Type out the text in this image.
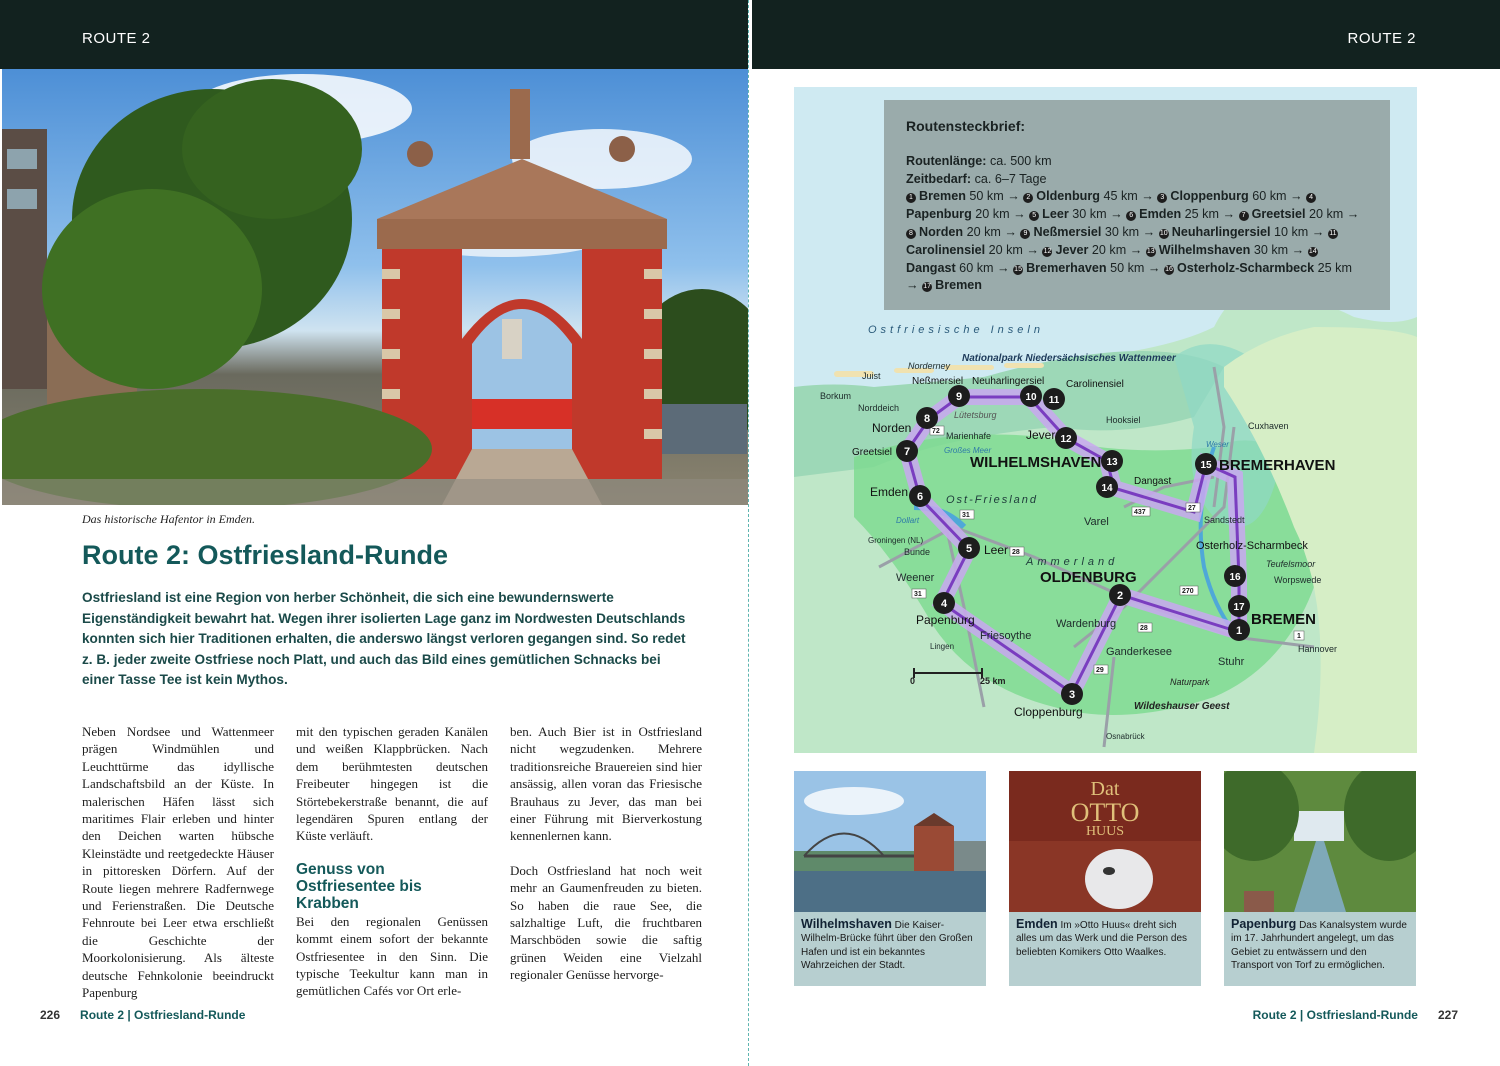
ROUTE 2	ROUTE 2
Das historische Hafentor in Emden.
Route 2: Ostfriesland-Runde

Ostfriesland ist eine Region von herber Schönheit, die sich eine bewundernswerte Eigenständigkeit bewahrt hat. Wegen ihrer isolierten Lage ganz im Nordwesten Deutschlands konnten sich hier Traditionen erhalten, die anderswo längst verloren gegangen sind. So redet z. B. jeder zweite Ostfriese noch Platt, und auch das Bild eines gemütlichen Schnacks bei einer Tasse Tee ist kein Mythos.

Neben Nordsee und Wattenmeer prägen Windmühlen und Leuchttürme das idyllische Landschaftsbild an der Küste. In malerischen Häfen lässt sich maritimes Flair erleben und hinter den Deichen warten hübsche Kleinstädte und reetgedeckte Häuser in pittoresken Dörfern. Auf der Route liegen mehrere Radfernwege und Ferienstraßen. Die Deutsche Fehnroute bei Leer etwa erschließt die Geschichte der Moorkolonisierung. Als älteste deutsche Fehnkolonie beeindruckt Papenburg

mit den typischen geraden Kanälen und weißen Klappbrücken. Nach dem berühmtesten deutschen Freibeuter hingegen ist die Störtebekerstraße benannt, die auf legendären Spuren entlang der Küste verläuft.

Genuss von Ostfriesentee bis Krabben

Bei den regionalen Genüssen kommt einem sofort der bekannte Ostfriesentee in den Sinn. Die typische Teekultur kann man in gemütlichen Cafés vor Ort erle-

ben. Auch Bier ist in Ostfriesland nicht wegzudenken. Mehrere traditionsreiche Brauereien sind hier ansässig, allen voran das Friesische Brauhaus zu Jever, das man bei einer Führung mit Bierverkostung kennenlernen kann.

Doch Ostfriesland hat noch weit mehr an Gaumenfreuden zu bieten. So haben die raue See, die salzhaltige Luft, die fruchtbaren Marschböden sowie die saftig grünen Weiden eine Vielzahl regionaler Genüsse hervorge-

226 Route 2 | Ostfriesland-Runde	Route 2 | Ostfriesland-Runde 227
0	25 km
Ostfriesische Inseln
Nationalpark Niedersächsisches Wattenmeer
Ost-Friesland
Ammerland
Naturpark
Wildeshauser Geest
Juist
Norderney
Borkum
Norddeich
Marienhafe
Lütetsburg	Hooksiel
Cuxhaven
Sandstedt
Teufelsmoor
Worpswede
Hannover
Stuhr
Ganderkesee
Wardenburg
Friesoythe
Weener
Bunde
Groningen (NL)
Lingen
Osnabrück
Varel
Großes Meer
Dollart
Weser
72
31
28
437
27
270
1
29
28
31
1
BREMEN
2
OLDENBURG
3
Cloppenburg
4
Papenburg
5 Leer
6
Emden
7
Greetsiel
8
Norden
9
Neßmersiel
10
Neuharlingersiel
11
Carolinensiel
12
Jever
13
WILHELMSHAVEN
14
Dangast
15 BREMERHAVEN
16
Osterholz-Scharmbeck
17
Routensteckbrief:
Routenlänge: ca. 500 km
Zeitbedarf: ca. 6–7 Tage
1 Bremen 50 km → 2 Oldenburg 45 km → 3 Cloppenburg 60 km → 4Papenburg 20 km → 5 Leer 30 km → 6 Emden 25 km → 7 Greetsiel 20 km → 8 Norden 20 km → 9 Neßmersiel 30 km → 10 Neuharlingersiel 10 km → 11Carolinensiel 20 km → 12 Jever 20 km → 13 Wilhelmshaven 30 km → 14Dangast 60 km → 15 Bremerhaven 50 km → 16 Osterholz-Scharmbeck 25 km → 17 Bremen
Wilhelmshaven Die Kaiser-Wilhelm-Brücke führt über den Großen Hafen und ist ein bekanntes Wahrzeichen der Stadt.
Dat
OTTO
HUUS
Emden Im »Otto Huus« dreht sich alles um das Werk und die Person des beliebten Komikers Otto Waalkes.
Papenburg Das Kanalsystem wurde im 17. Jahrhundert angelegt, um das Gebiet zu entwässern und den Transport von Torf zu ermöglichen.
